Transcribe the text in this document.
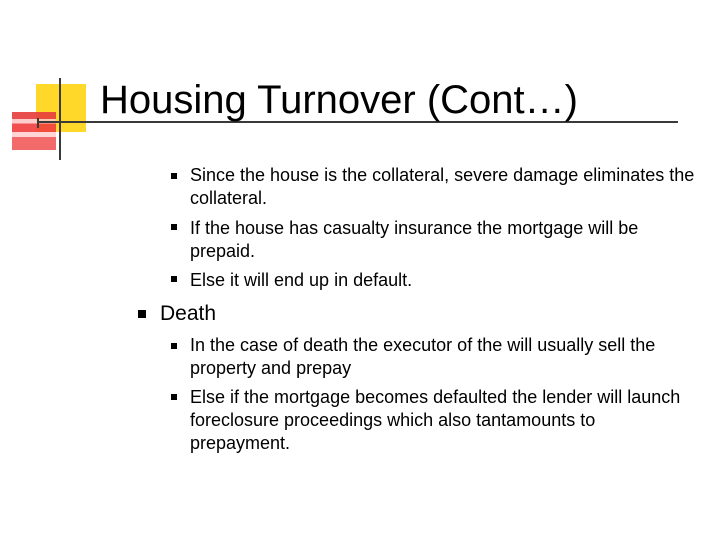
Housing Turnover (Cont…)
Since the house is the collateral, severe damage eliminates the collateral.
If the house has casualty insurance the mortgage will be prepaid.
Else it will end up in default.
Death
In the case of death the executor of the will usually sell the property and prepay
Else if the mortgage becomes defaulted the lender will launch foreclosure proceedings which also tantamounts to prepayment.
